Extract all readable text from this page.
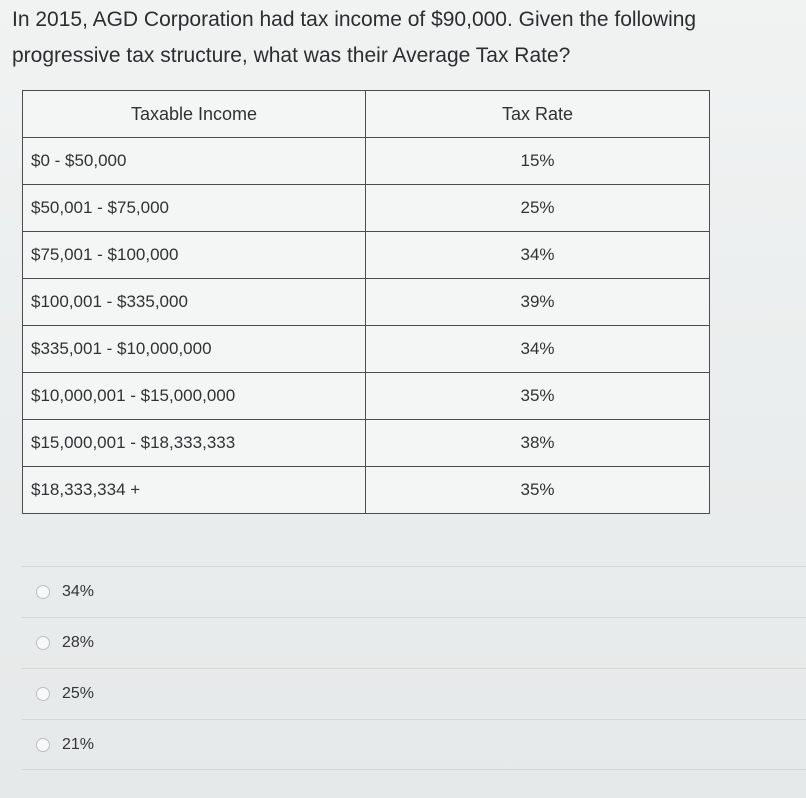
In 2015, AGD Corporation had tax income of $90,000. Given the following progressive tax structure, what was their Average Tax Rate?

Taxable Income	Tax Rate
$0 - $50,000	15%
$50,001 - $75,000	25%
$75,001 - $100,000	34%
$100,001 - $335,000	39%
$335,001 - $10,000,000	34%
$10,000,001 - $15,000,000	35%
$15,000,001 - $18,333,333	38%
$18,333,334 +	35%
34%
28%
25%
21%
